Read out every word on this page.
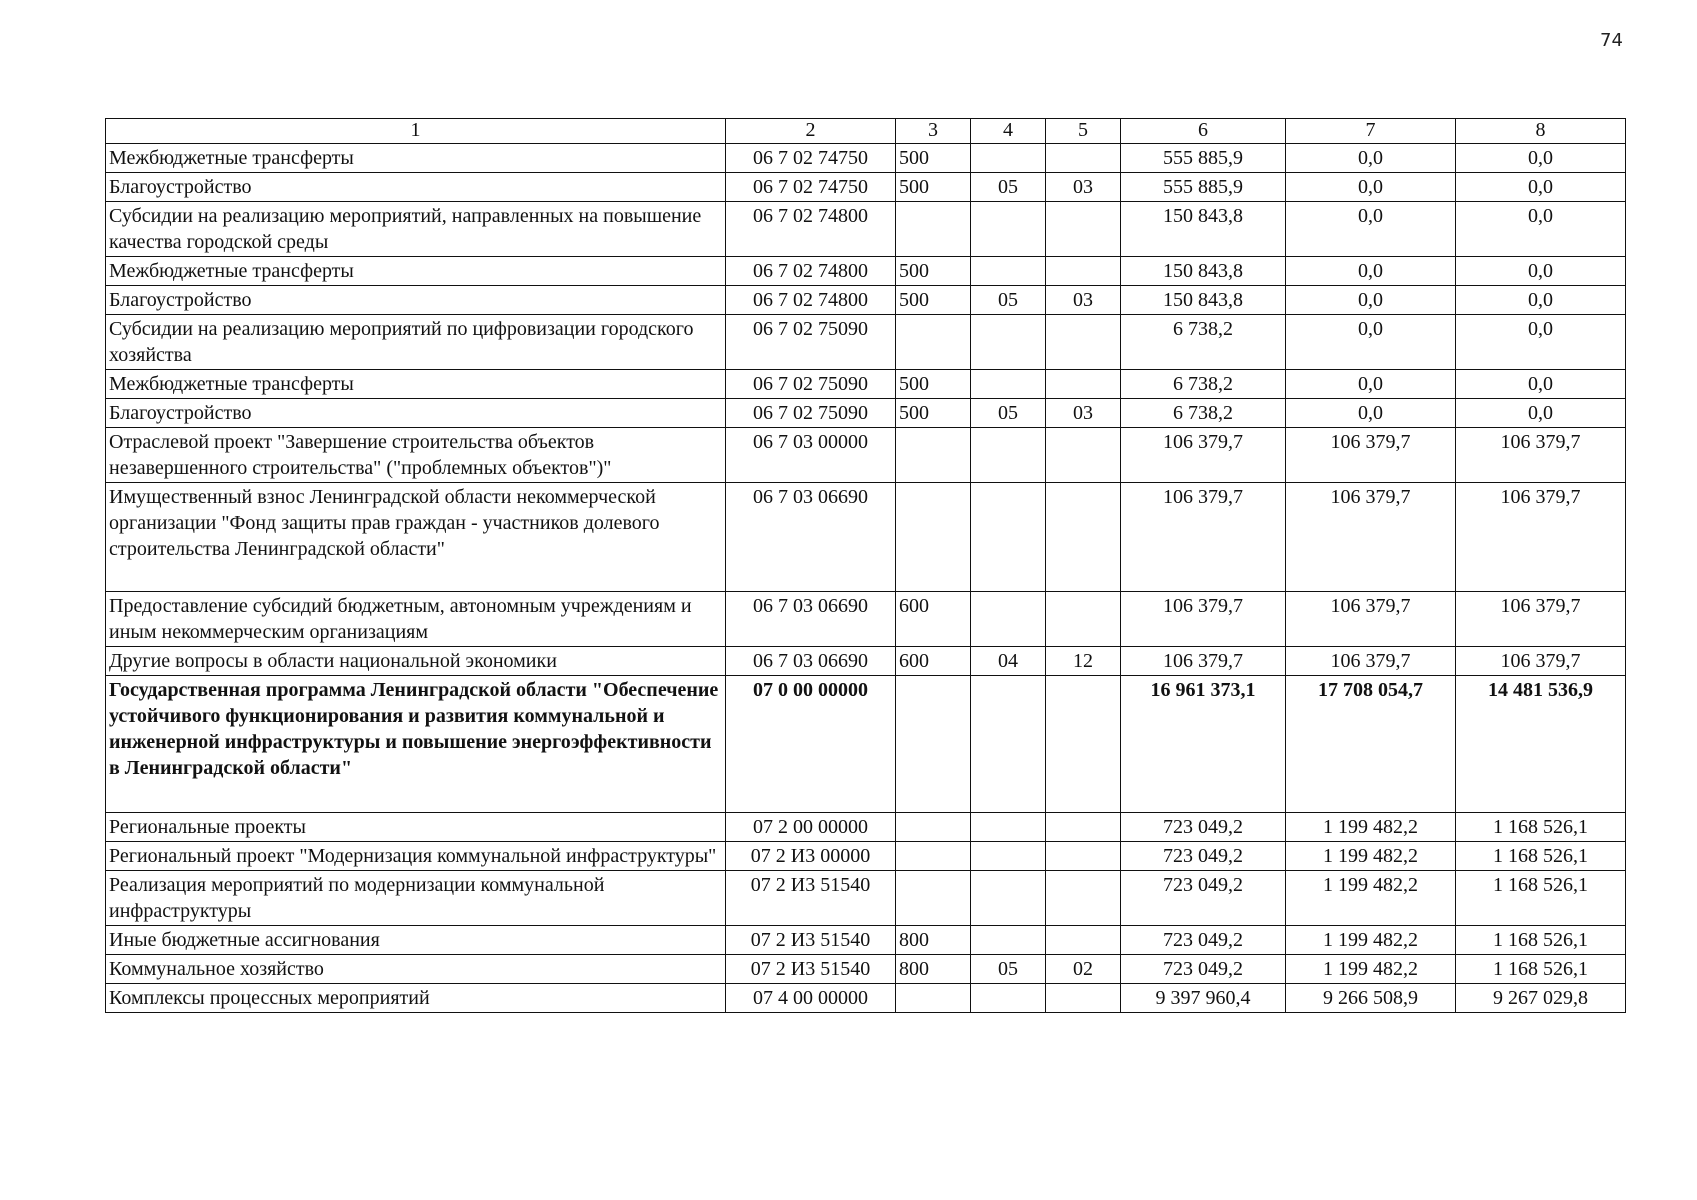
74
1	2	3	4	5	6	7	8
Межбюджетные трансферты	06 7 02 74750	500			555 885,9	0,0	0,0
Благоустройство	06 7 02 74750	500	05	03	555 885,9	0,0	0,0
Субсидии на реализацию мероприятий, направленных на повышение качества городской среды	06 7 02 74800				150 843,8	0,0	0,0
Межбюджетные трансферты	06 7 02 74800	500			150 843,8	0,0	0,0
Благоустройство	06 7 02 74800	500	05	03	150 843,8	0,0	0,0
Субсидии на реализацию мероприятий по цифровизации городского хозяйства	06 7 02 75090				6 738,2	0,0	0,0
Межбюджетные трансферты	06 7 02 75090	500			6 738,2	0,0	0,0
Благоустройство	06 7 02 75090	500	05	03	6 738,2	0,0	0,0
Отраслевой проект "Завершение строительства объектов незавершенного строительства" ("проблемных объектов")"	06 7 03 00000				106 379,7	106 379,7	106 379,7
Имущественный взнос Ленинградской области некоммерческой организации "Фонд защиты прав граждан - участников долевого строительства Ленинградской области"	06 7 03 06690				106 379,7	106 379,7	106 379,7
Предоставление субсидий бюджетным, автономным учреждениям и иным некоммерческим организациям	06 7 03 06690	600			106 379,7	106 379,7	106 379,7
Другие вопросы в области национальной экономики	06 7 03 06690	600	04	12	106 379,7	106 379,7	106 379,7
Государственная программа Ленинградской области "Обеспечение устойчивого функционирования и развития коммунальной и инженерной инфраструктуры и повышение энергоэффективности в Ленинградской области"	07 0 00 00000				16 961 373,1	17 708 054,7	14 481 536,9
Региональные проекты	07 2 00 00000				723 049,2	1 199 482,2	1 168 526,1
Региональный проект "Модернизация коммунальной инфраструктуры"	07 2 И3 00000				723 049,2	1 199 482,2	1 168 526,1
Реализация мероприятий по модернизации коммунальной инфраструктуры	07 2 И3 51540				723 049,2	1 199 482,2	1 168 526,1
Иные бюджетные ассигнования	07 2 И3 51540	800			723 049,2	1 199 482,2	1 168 526,1
Коммунальное хозяйство	07 2 И3 51540	800	05	02	723 049,2	1 199 482,2	1 168 526,1
Комплексы процессных мероприятий	07 4 00 00000				9 397 960,4	9 266 508,9	9 267 029,8
